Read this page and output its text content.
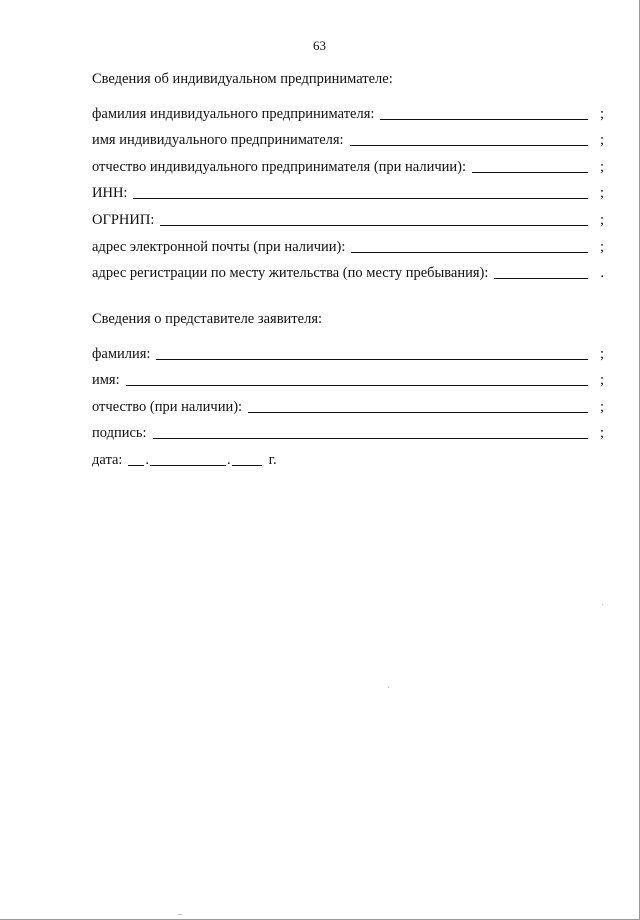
63
Сведения об индивидуальном предпринимателе:
фамилия индивидуального предпринимателя:	;
имя индивидуального предпринимателя:	;
отчество индивидуального предпринимателя (при наличии):	;
ИНН:	;
ОГРНИП:	;
адрес электронной почты (при наличии):	;
адрес регистрации по месту жительства (по месту пребывания):	.
Сведения о представителе заявителя:
фамилия:	;
имя:	;
отчество (при наличии):	;
подпись:	;
дата: .	.	г.
